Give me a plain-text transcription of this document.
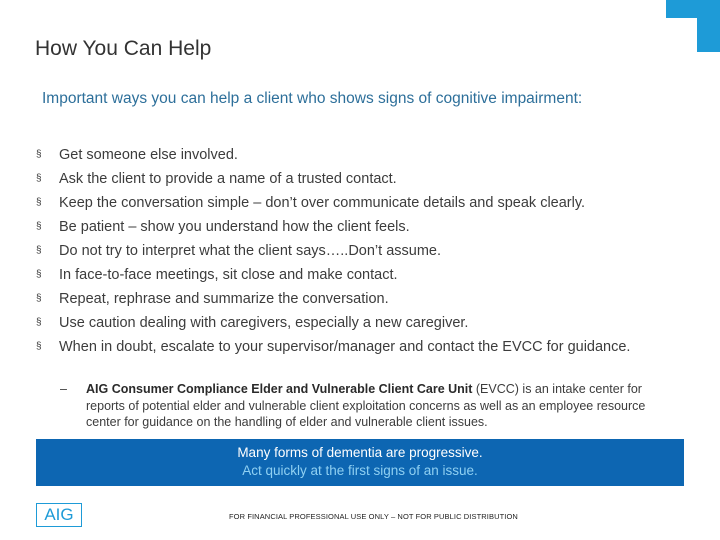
How You Can Help
Important ways you can help a client who shows signs of cognitive impairment:
§ Get someone else involved.
§ Ask the client to provide a name of a trusted contact.
§ Keep the conversation simple – don’t over communicate details and speak clearly.
§ Be patient – show you understand how the client feels.
§ Do not try to interpret what the client says…..Don’t assume.
§ In face-to-face meetings, sit close and make contact.
§ Repeat, rephrase and summarize the conversation.
§ Use caution dealing with caregivers, especially a new caregiver.
§ When in doubt, escalate to your supervisor/manager and contact the EVCC for guidance.
– AIG Consumer Compliance Elder and Vulnerable Client Care Unit (EVCC) is an intake center for reports of potential elder and vulnerable client exploitation concerns as well as an employee resource center for guidance on the handling of elder and vulnerable client issues.
Many forms of dementia are progressive.
Act quickly at the first signs of an issue.
AIG	FOR FINANCIAL PROFESSIONAL USE ONLY – NOT FOR PUBLIC DISTRIBUTION
